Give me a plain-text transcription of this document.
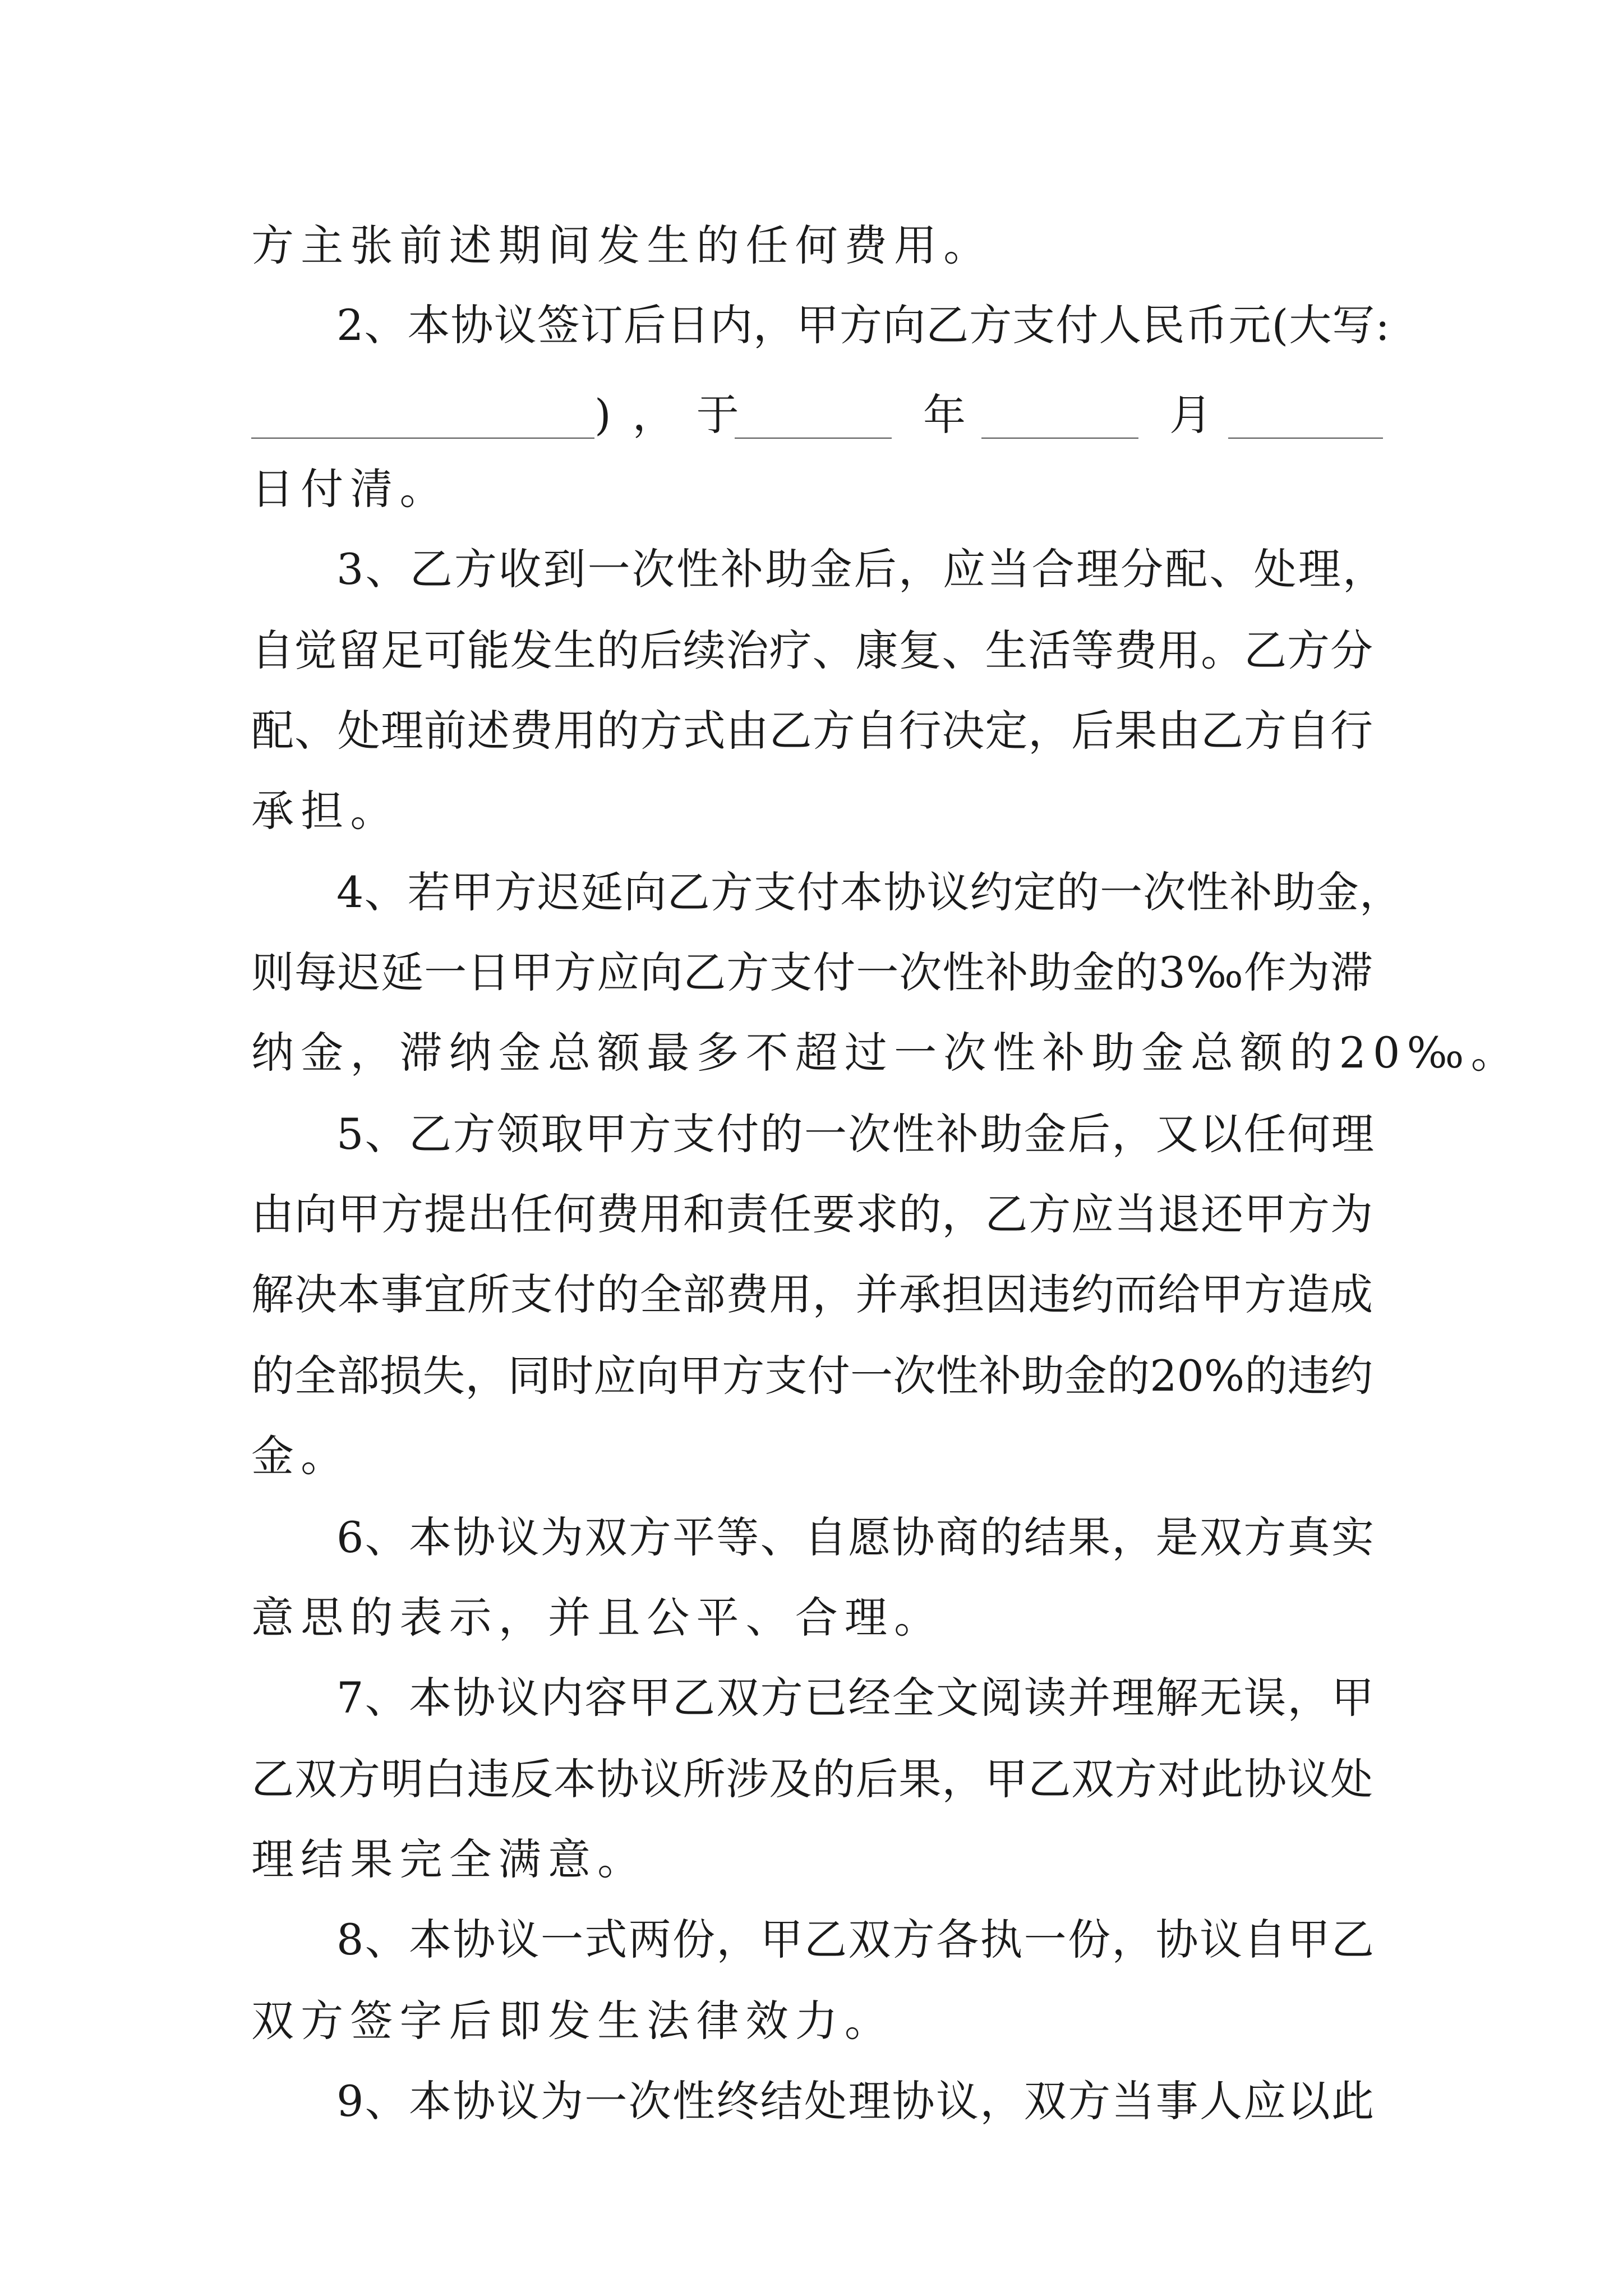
方主张前述期间发生的任何费用。
2、本协议签订后日内，甲方向乙方支付人民币元(大写:
)，于	年	月
日付清。
3、乙方收到一次性补助金后，应当合理分配、处理，
自觉留足可能发生的后续治疗、康复、生活等费用。乙方分
配、处理前述费用的方式由乙方自行决定，后果由乙方自行
承担。
4、若甲方迟延向乙方支付本协议约定的一次性补助金，
则每迟延一日甲方应向乙方支付一次性补助金的3‰作为滞
纳金，滞纳金总额最多不超过一次性补助金总额的20‰。
5、乙方领取甲方支付的一次性补助金后，又以任何理
由向甲方提出任何费用和责任要求的，乙方应当退还甲方为
解决本事宜所支付的全部费用，并承担因违约而给甲方造成
的全部损失，同时应向甲方支付一次性补助金的20%的违约
金。
6、本协议为双方平等、自愿协商的结果，是双方真实
意思的表示，并且公平、合理。
7、本协议内容甲乙双方已经全文阅读并理解无误，甲
乙双方明白违反本协议所涉及的后果，甲乙双方对此协议处
理结果完全满意。
8、本协议一式两份，甲乙双方各执一份，协议自甲乙
双方签字后即发生法律效力。
9、本协议为一次性终结处理协议，双方当事人应以此
